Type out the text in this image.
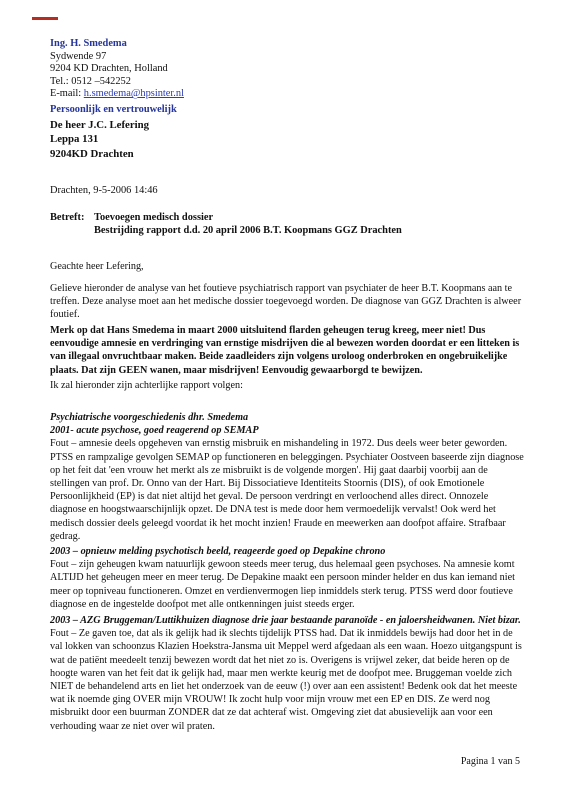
Ing. H. Smedema
Sydwende 97
9204 KD Drachten, Holland
Tel.: 0512 –542252
E-mail: h.smedema@hpsinter.nl
Persoonlijk en vertrouwelijk
De heer J.C. Lefering
Leppa 131
9204KD Drachten
Drachten, 9-5-2006 14:46
Betreft: Toevoegen medisch dossier
Bestrijding rapport d.d. 20 april 2006 B.T. Koopmans GGZ Drachten
Geachte heer Lefering,
Gelieve hieronder de analyse van het foutieve psychiatrisch rapport van psychiater de heer B.T. Koopmans aan te treffen. Deze analyse moet aan het medische dossier toegevoegd worden. De diagnose van GGZ Drachten is alweer foutief.
Merk op dat Hans Smedema in maart 2000 uitsluitend flarden geheugen terug kreeg, meer niet! Dus eenvoudige amnesie en verdringing van ernstige misdrijven die al bewezen worden doordat er een litteken is van illegaal onvruchtbaar maken. Beide zaadleiders zijn volgens uroloog onderbroken en ongebruikelijke plaats. Dat zijn GEEN wanen, maar misdrijven! Eenvoudig gewaarborgd te bewijzen.
Ik zal hieronder zijn achterlijke rapport volgen:
Psychiatrische voorgeschiedenis dhr. Smedema
2001- acute psychose, goed reagerend op SEMAP
Fout – amnesie deels opgeheven van ernstig misbruik en mishandeling in 1972. Dus deels weer beter geworden. PTSS en rampzalige gevolgen SEMAP op functioneren en beleggingen. Psychiater Oostveen baseerde zijn diagnose op het feit dat 'een vrouw het merkt als ze misbruikt is de volgende morgen'. Hij gaat daarbij voorbij aan de stellingen van prof. Dr. Onno van der Hart. Bij Dissociatieve Identiteits Stoornis (DIS), of ook Emotionele Persoonlijkheid (EP) is dat niet altijd het geval. De persoon verdringt en verloochend alles direct. Onnozele diagnose en hoogstwaarschijnlijk opzet. De DNA test is mede door hem vermoedelijk vervalst! Ook werd het medisch dossier deels geleegd voordat ik het mocht inzien! Fraude en meewerken aan doofpot affaire. Strafbaar gedrag.
2003 – opnieuw melding psychotisch beeld, reageerde goed op Depakine chrono
Fout – zijn geheugen kwam natuurlijk gewoon steeds meer terug, dus helemaal geen psychoses. Na amnesie komt ALTIJD het geheugen meer en meer terug. De Depakine maakt een persoon minder helder en dus kan iemand niet meer op topniveau functioneren. Omzet en verdienvermogen liep inmiddels sterk terug. PTSS werd door foutieve diagnose en de ingestelde doofpot met alle ontkenningen juist steeds erger.
2003 – AZG Bruggeman/Luttikhuizen diagnose drie jaar bestaande paranoïde - en jaloersheidwanen. Niet bizar.
Fout – Ze gaven toe, dat als ik gelijk had ik slechts tijdelijk PTSS had. Dat ik inmiddels bewijs had door het in de val lokken van schoonzus Klazien Hoekstra-Jansma uit Meppel werd afgedaan als een waan. Hoezo uitgangspunt is wat de patiënt meedeelt tenzij bewezen wordt dat het niet zo is. Overigens is vrijwel zeker, dat beide heren op de hoogte waren van het feit dat ik gelijk had, maar men werkte keurig met de doofpot mee. Bruggeman voelde zich NIET de behandelend arts en liet het onderzoek van de eeuw (!) over aan een assistent! Bedenk ook dat het meeste wat ik noemde ging OVER mijn VROUW! Ik zocht hulp voor mijn vrouw met een EP en DIS. Ze werd nog misbruikt door een buurman ZONDER dat ze dat achteraf wist. Omgeving ziet dat abusievelijk aan voor een verhouding waar ze niet over wil praten.
Pagina 1 van 5
